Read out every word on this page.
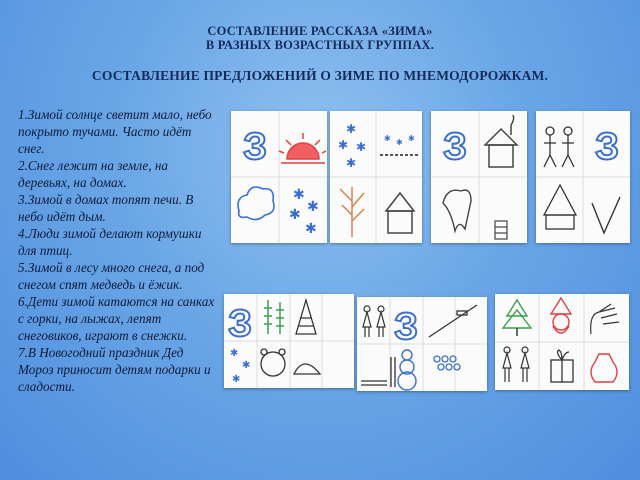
СОСТАВЛЕНИЕ РАССКАЗА «ЗИМА»
В РАЗНЫХ ВОЗРАСТНЫХ ГРУППАХ.
СОСТАВЛЕНИЕ ПРЕДЛОЖЕНИЙ О ЗИМЕ ПО МНЕМОДОРОЖКАМ.
1.Зимой солнце светит мало, небо покрыто тучами. Часто идёт снег.
2.Снег лежит на земле, на деревьях, на домах.
3.Зимой в домах топят печи. В небо идёт дым.
4.Люди зимой делают кормушки для птиц.
5.Зимой в лесу много снега, а под снегом спят медведь и ёжик.
6.Дети зимой катаются на санках с горки, на лыжах, лепят снеговиков, играют в снежки.
7.В Новогодний праздник Дед Мороз приносит детям подарки и сладости.
З
✱
✱
✱
✱
✱
✱ ✱
✱
✱ ✱ ✱ З	З
З
✱
✱
✱
З
